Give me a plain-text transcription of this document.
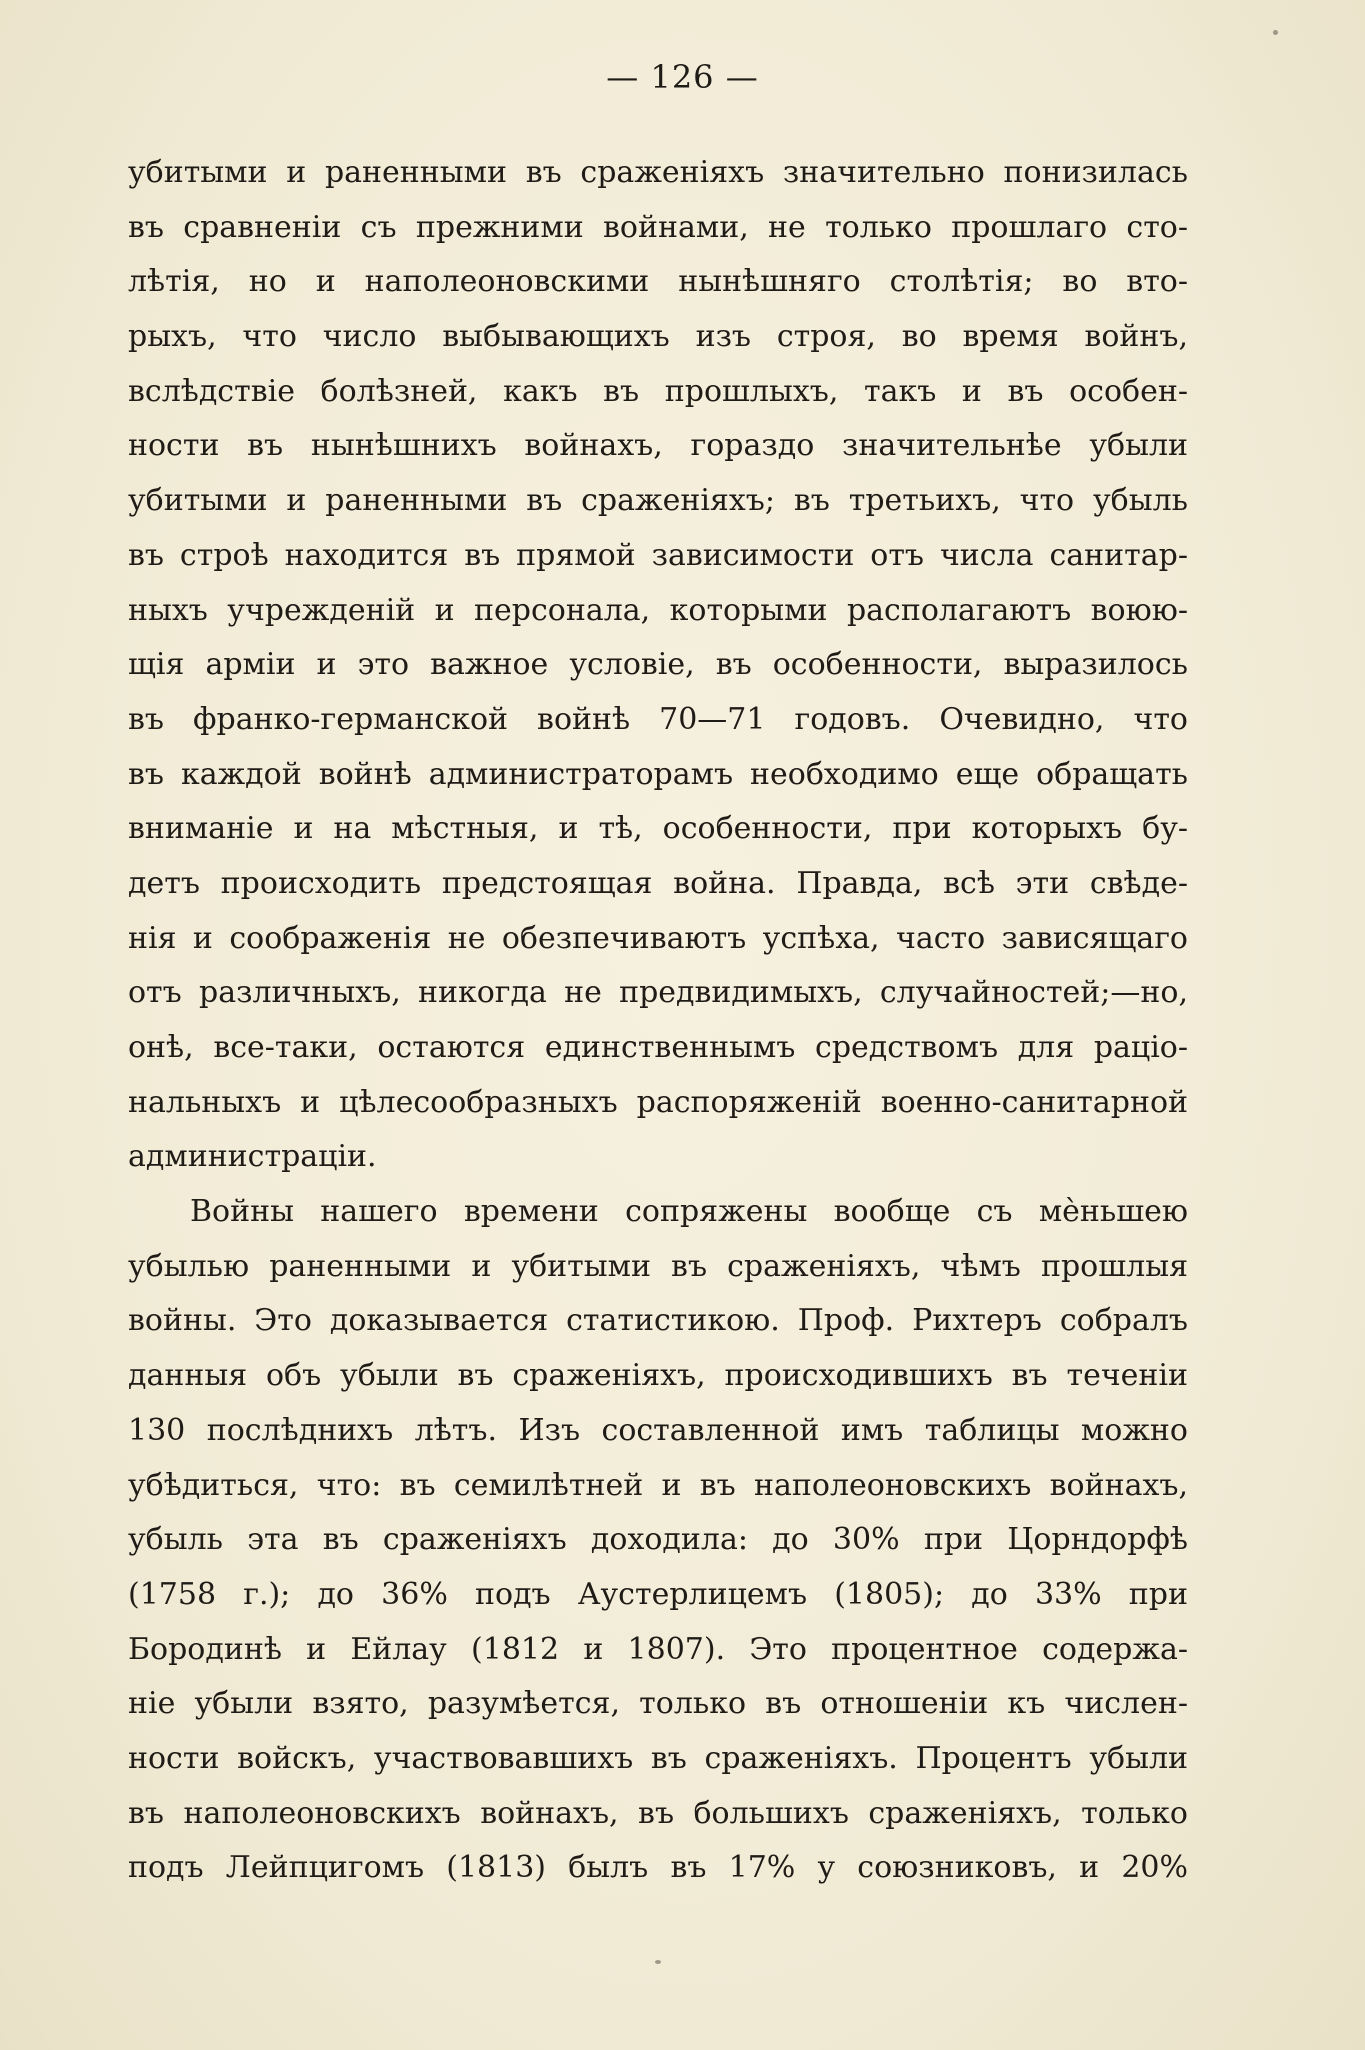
— 126 —
убитыми и раненными въ сраженіяхъ значительно понизилась
въ сравненіи съ прежними войнами, не только прошлаго сто-
лѣтія, но и наполеоновскими нынѣшняго столѣтія; во вто-
рыхъ, что число выбывающихъ изъ строя, во время войнъ,
вслѣдствіе болѣзней, какъ въ прошлыхъ, такъ и въ особен-
ности въ нынѣшнихъ войнахъ, гораздо значительнѣе убыли
убитыми и раненными въ сраженіяхъ; въ третьихъ, что убыль
въ строѣ находится въ прямой зависимости отъ числа санитар-
ныхъ учрежденій и персонала, которыми располагаютъ воюю-
щія арміи и это важное условіе, въ особенности, выразилось
въ франко-германской войнѣ 70—71 годовъ. Очевидно, что
въ каждой войнѣ администраторамъ необходимо еще обращать
вниманіе и на мѣстныя, и тѣ, особенности, при которыхъ бу-
детъ происходить предстоящая война. Правда, всѣ эти свѣде-
нія и соображенія не обезпечиваютъ успѣха, часто зависящаго
отъ различныхъ, никогда не предвидимыхъ, случайностей;—но,
онѣ, все-таки, остаются единственнымъ средствомъ для раціо-
нальныхъ и цѣлесообразныхъ распоряженій военно-санитарной
администраціи.
Войны нашего времени сопряжены вообще съ мѐньшею
убылью раненными и убитыми въ сраженіяхъ, чѣмъ прошлыя
войны. Это доказывается статистикою. Проф. Рихтеръ собралъ
данныя объ убыли въ сраженіяхъ, происходившихъ въ теченіи
130 послѣднихъ лѣтъ. Изъ составленной имъ таблицы можно
убѣдиться, что: въ семилѣтней и въ наполеоновскихъ войнахъ,
убыль эта въ сраженіяхъ доходила: до 30% при Цорндорфѣ
(1758 г.); до 36% подъ Аустерлицемъ (1805); до 33% при
Бородинѣ и Ейлау (1812 и 1807). Это процентное содержа-
ніе убыли взято, разумѣется, только въ отношеніи къ числен-
ности войскъ, участвовавшихъ въ сраженіяхъ. Процентъ убыли
въ наполеоновскихъ войнахъ, въ большихъ сраженіяхъ, только
подъ Лейпцигомъ (1813) былъ въ 17% у союзниковъ, и 20%
